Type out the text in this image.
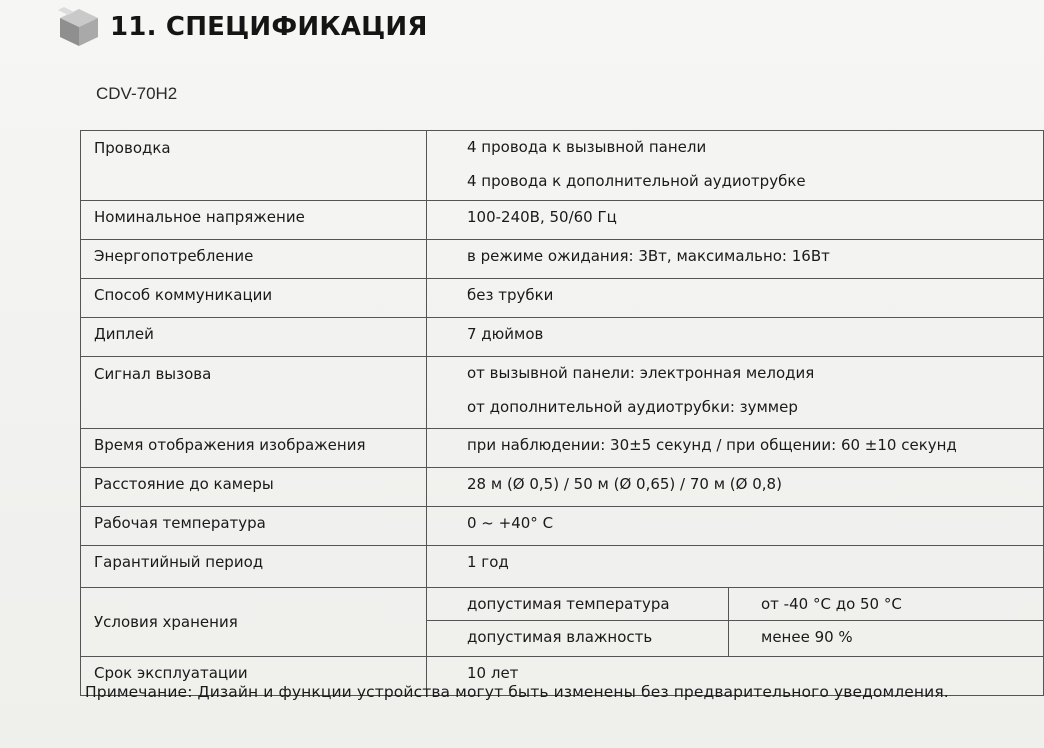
11. СПЕЦИФИКАЦИЯ
CDV-70H2
Проводка	4 провода к вызывной панели
4 провода к дополнительной аудиотрубке	

Номинальное напряжение	100-240В, 50/60 Гц	

Энергопотребление	в режиме ожидания: 3Вт, максимально: 16Вт	

Способ коммуникации	без трубки	

Диплей	7 дюймов	

Сигнал вызова	от вызывной панели: электронная мелодия
от дополнительной аудиотрубки: зуммер	

Время отображения изображения	при наблюдении: 30±5 секунд / при общении: 60 ±10 секунд	

Расстояние до камеры	28 м (Ø 0,5) / 50 м (Ø 0,65) / 70 м (Ø 0,8)	

Рабочая температура	0 ~ +40° С	

Гарантийный период	1 год	

Условия хранения	допустимая температура	от -40 °С до 50 °С

	допустимая влажность	менее 90 %

Срок эксплуатации	10 лет	
Примечание: Дизайн и функции устройства могут быть изменены без предварительного уведомления.
